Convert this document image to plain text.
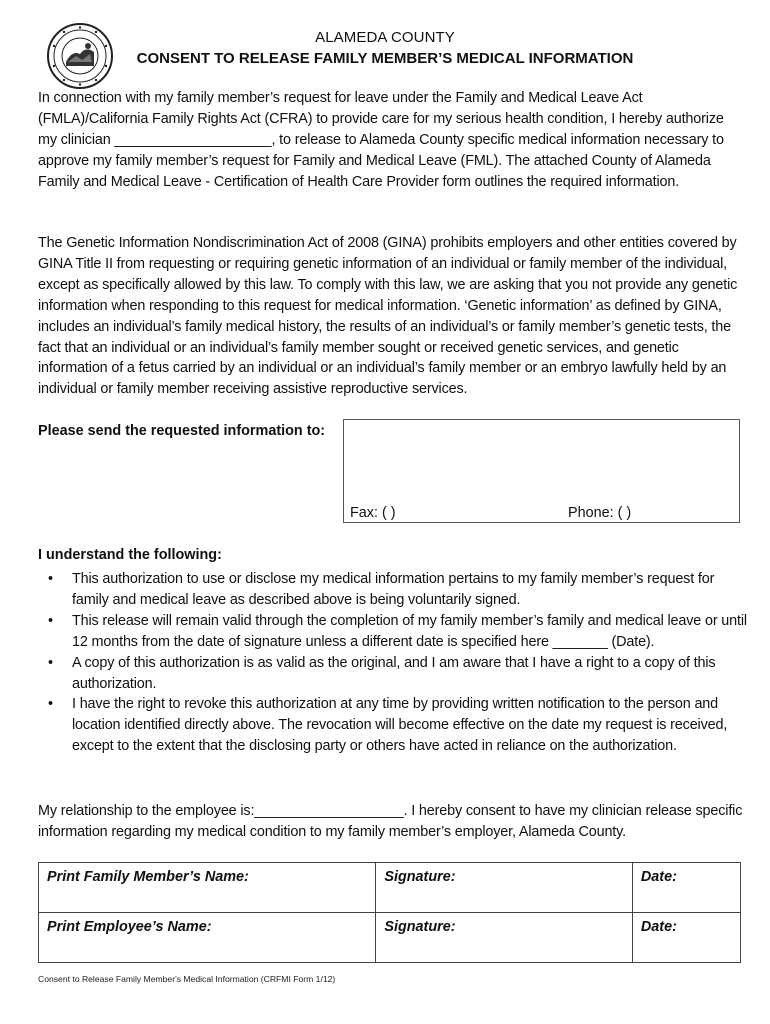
ALAMEDA COUNTY
CONSENT TO RELEASE FAMILY MEMBER’S MEDICAL INFORMATION

In connection with my family member’s request for leave under the Family and Medical Leave Act (FMLA)/California Family Rights Act (CFRA) to provide care for my serious health condition, I hereby authorize my clinician ____________________, to release to Alameda County specific medical information necessary to approve my family member’s request for Family and Medical Leave (FML). The attached County of Alameda Family and Medical Leave - Certification of Health Care Provider form outlines the required information.

The Genetic Information Nondiscrimination Act of 2008 (GINA) prohibits employers and other entities covered by GINA Title II from requesting or requiring genetic information of an individual or family member of the individual, except as specifically allowed by this law. To comply with this law, we are asking that you not provide any genetic information when responding to this request for medical information. ‘Genetic information’ as defined by GINA, includes an individual’s family medical history, the results of an individual’s or family member’s genetic tests, the fact that an individual or an individual’s family member sought or received genetic services, and genetic information of a fetus carried by an individual or an individual’s family member or an embryo lawfully held by an individual or family member receiving assistive reproductive services.

Please send the requested information to:
Fax: ( )	Phone: ( )
I understand the following:
• This authorization to use or disclose my medical information pertains to my family member’s request for family and medical leave as described above is being voluntarily signed.
• This release will remain valid through the completion of my family member’s family and medical leave or until 12 months from the date of signature unless a different date is specified here _______ (Date).
• A copy of this authorization is as valid as the original, and I am aware that I have a right to a copy of this authorization.
• I have the right to revoke this authorization at any time by providing written notification to the person and location identified directly above. The revocation will become effective on the date my request is received, except to the extent that the disclosing party or others have acted in reliance on the authorization.

My relationship to the employee is:___________________. I hereby consent to have my clinician release specific information regarding my medical condition to my family member’s employer, Alameda County.

Print Family Member’s Name:	Signature:	Date:
Print Employee’s Name:	Signature:	Date:
Consent to Release Family Member's Medical Information (CRFMI Form 1/12)
